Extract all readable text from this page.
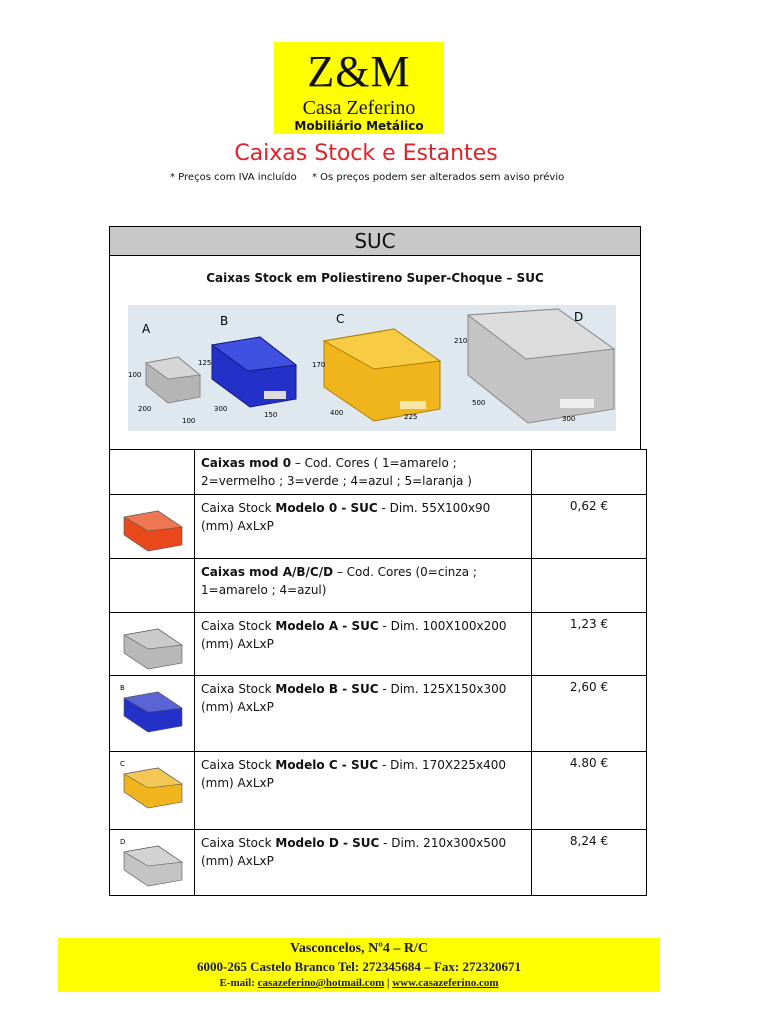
Z&M
Casa Zeferino
Mobiliário Metálico
Caixas Stock e Estantes
* Preços com IVA incluído * Os preços podem ser alterados sem aviso prévio
SUC
Caixas Stock em Poliestireno Super-Choque – SUC
A
100
200
100
B
125
300
150
C
170
400	225
D
210
500
300
	Caixas mod 0 – Cod. Cores ( 1=amarelo ; 2=vermelho ; 3=verde ; 4=azul ; 5=laranja )	

	Caixa Stock Modelo 0 - SUC - Dim. 55X100x90 (mm) AxLxP	0,62 €
	Caixas mod A/B/C/D – Cod. Cores (0=cinza ; 1=amarelo ; 4=azul)	

	Caixa Stock Modelo A - SUC - Dim. 100X100x200 (mm) AxLxP	1,23 €

B	Caixa Stock Modelo B - SUC - Dim. 125X150x300 (mm) AxLxP	2,60 €

C	Caixa Stock Modelo C - SUC - Dim. 170X225x400 (mm) AxLxP	4.80 €

D	Caixa Stock Modelo D - SUC - Dim. 210x300x500 (mm) AxLxP	8,24 €
Vasconcelos, Nº4 – R/C
6000-265 Castelo Branco Tel: 272345684 – Fax: 272320671
E-mail: casazeferino@hotmail.com | www.casazeferino.com
